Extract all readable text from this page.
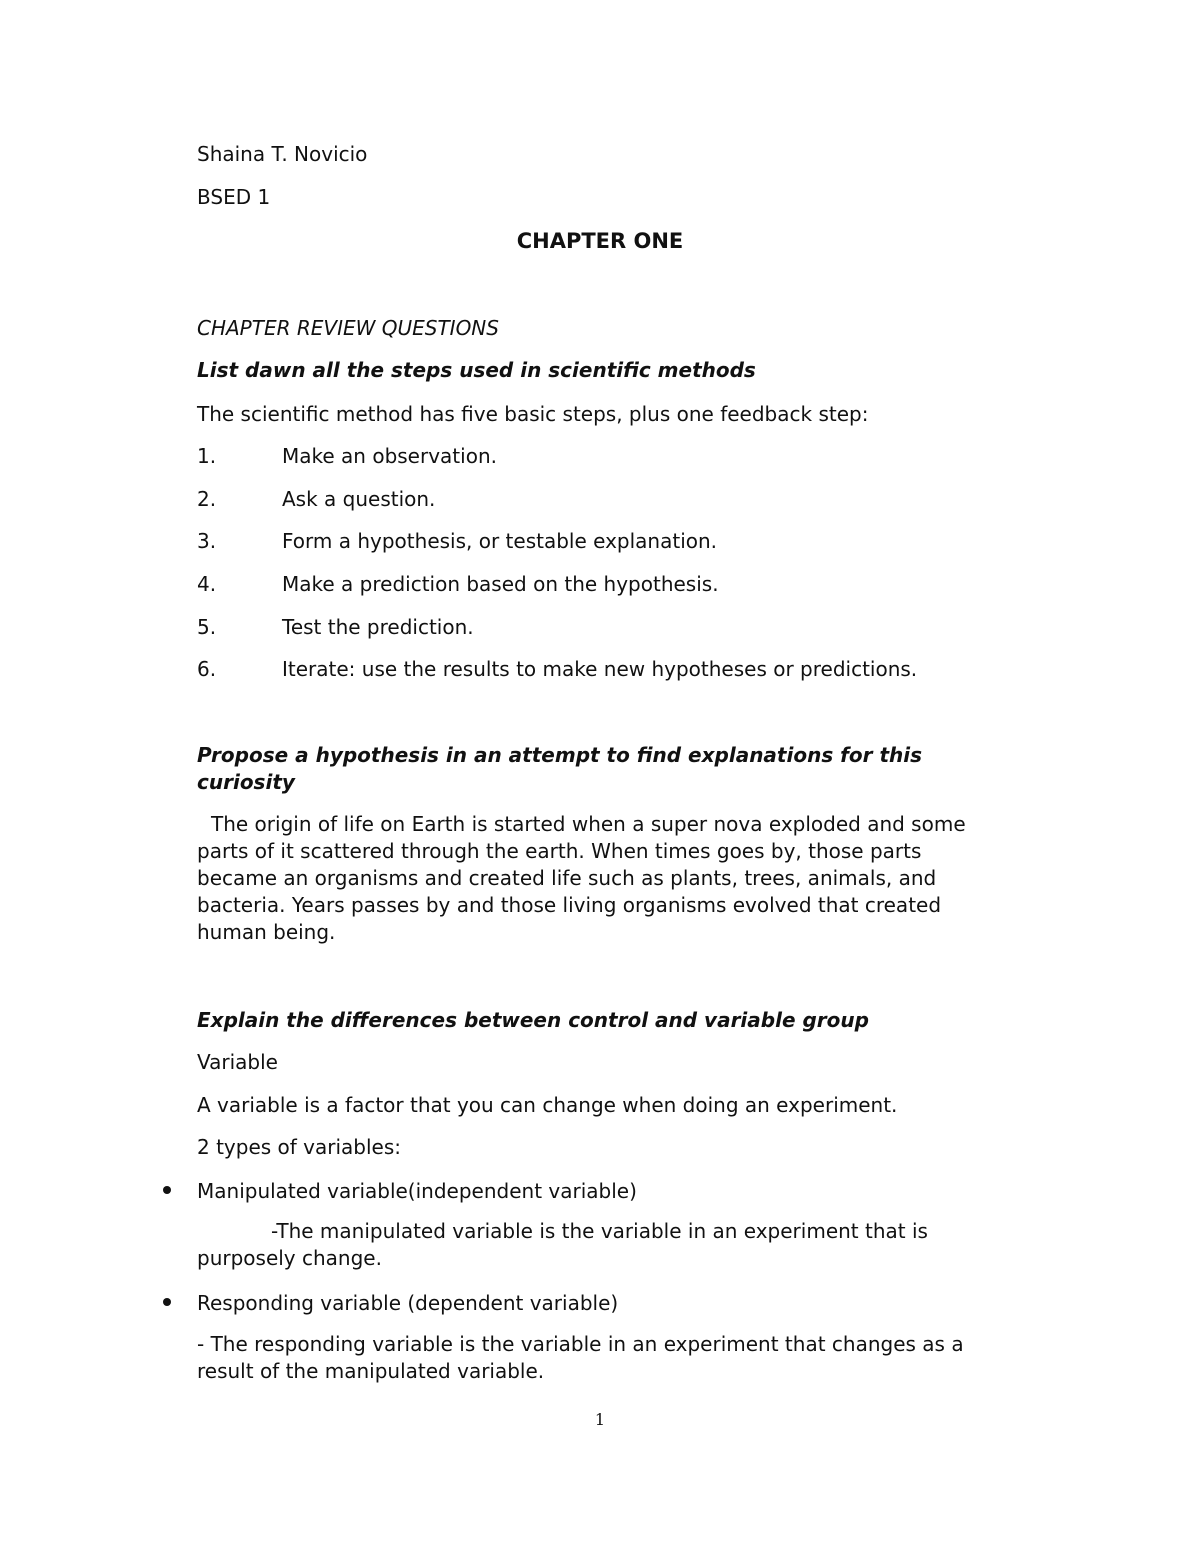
Shaina T. Novicio
BSED 1
CHAPTER ONE
CHAPTER REVIEW QUESTIONS
List dawn all the steps used in scientific methods
The scientific method has five basic steps, plus one feedback step:
1.	Make an observation.
2.	Ask a question.
3.	Form a hypothesis, or testable explanation.
4.	Make a prediction based on the hypothesis.
5.	Test the prediction.
6.	Iterate: use the results to make new hypotheses or predictions.
Propose a hypothesis in an attempt to find explanations for this curiosity
The origin of life on Earth is started when a super nova exploded and some parts of it scattered through the earth. When times goes by, those parts became an organisms and created life such as plants, trees, animals, and bacteria. Years passes by and those living organisms evolved that created human being.
Explain the differences between control and variable group
Variable
A variable is a factor that you can change when doing an experiment.
2 types of variables:
Manipulated variable(independent variable)
-The manipulated variable is the variable in an experiment that is purposely change.
Responding variable (dependent variable)
- The responding variable is the variable in an experiment that changes as a result of the manipulated variable.
1
